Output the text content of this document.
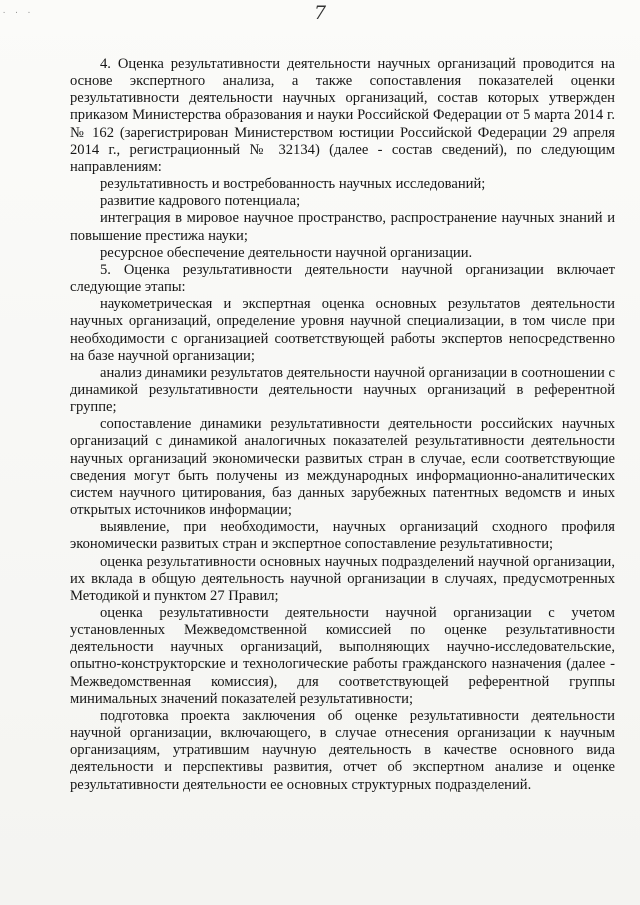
· · ·	7

4. Оценка результативности деятельности научных организаций проводится на основе экспертного анализа, а также сопоставления показателей оценки результативности деятельности научных организаций, состав которых утвержден приказом Министерства образования и науки Российской Федерации от 5 марта 2014 г. № 162 (зарегистрирован Министерством юстиции Российской Федерации 29 апреля 2014 г., регистрационный № 32134) (далее - состав сведений), по следующим направлениям:

результативность и востребованность научных исследований;

развитие кадрового потенциала;

интеграция в мировое научное пространство, распространение научных знаний и повышение престижа науки;

ресурсное обеспечение деятельности научной организации.

5. Оценка результативности деятельности научной организации включает следующие этапы:

наукометрическая и экспертная оценка основных результатов деятельности научных организаций, определение уровня научной специализации, в том числе при необходимости с организацией соответствующей работы экспертов непосредственно на базе научной организации;

анализ динамики результатов деятельности научной организации в соотношении с динамикой результативности деятельности научных организаций в референтной группе;

сопоставление динамики результативности деятельности российских научных организаций с динамикой аналогичных показателей результативности деятельности научных организаций экономически развитых стран в случае, если соответствующие сведения могут быть получены из международных информационно-аналитических систем научного цитирования, баз данных зарубежных патентных ведомств и иных открытых источников информации;

выявление, при необходимости, научных организаций сходного профиля экономически развитых стран и экспертное сопоставление результативности;

оценка результативности основных научных подразделений научной организации, их вклада в общую деятельность научной организации в случаях, предусмотренных Методикой и пунктом 27 Правил;

оценка результативности деятельности научной организации с учетом установленных Межведомственной комиссией по оценке результативности деятельности научных организаций, выполняющих научно-исследовательские, опытно-конструкторские и технологические работы гражданского назначения (далее - Межведомственная комиссия), для соответствующей референтной группы минимальных значений показателей результативности;

подготовка проекта заключения об оценке результативности деятельности научной организации, включающего, в случае отнесения организации к научным организациям, утратившим научную деятельность в качестве основного вида деятельности и перспективы развития, отчет об экспертном анализе и оценке результативности деятельности ее основных структурных подразделений.
